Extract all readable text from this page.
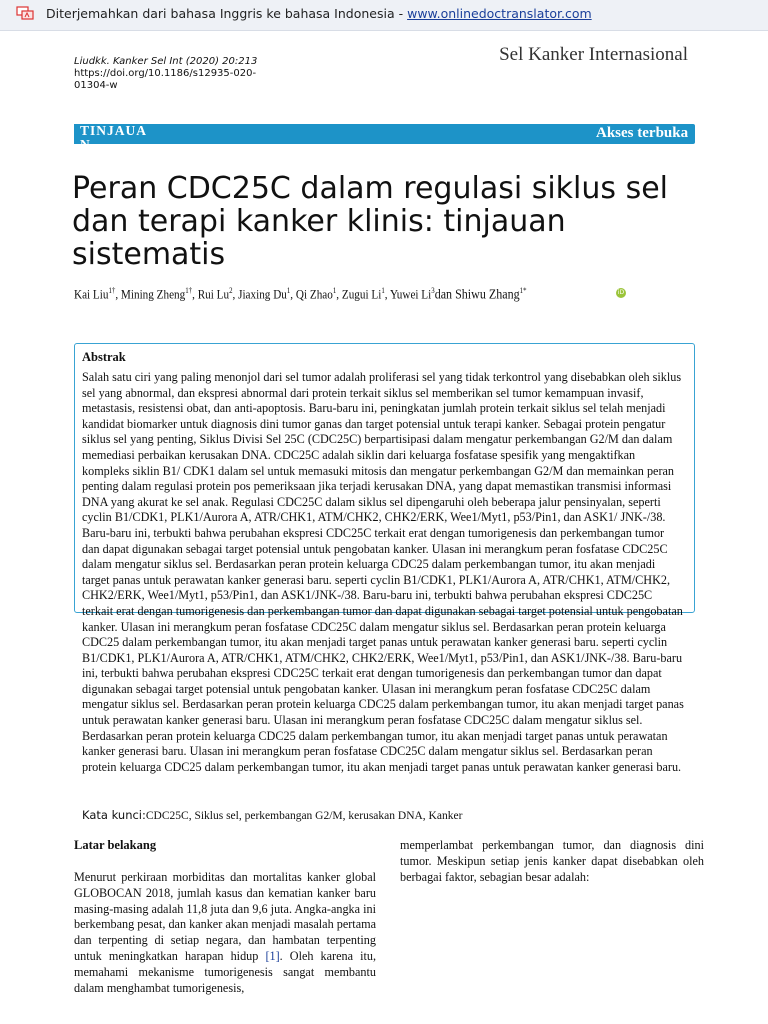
Diterjemahkan dari bahasa Inggris ke bahasa Indonesia - www.onlinedoctranslator.com
Liudkk. Kanker Sel Int (2020) 20:213
https://doi.org/10.1186/s12935-020-01304-w
Sel Kanker Internasional
TINJAUA N
Akses terbuka
Peran CDC25C dalam regulasi siklus sel dan terapi kanker klinis: tinjauan sistematis
Kai Liu$^{1\dagger}$, Mining Zheng$^{1\dagger}$, Rui Lu$^2$, Jiaxing Du$^1$, Qi Zhao$^1$, Zugui Li$^1$, Yuwei Li$^3$dan Shiwu Zhang$^{1*}$	iD
Abstrak

Salah satu ciri yang paling menonjol dari sel tumor adalah proliferasi sel yang tidak terkontrol yang disebabkan oleh siklus sel yang abnormal, dan ekspresi abnormal dari protein terkait siklus sel memberikan sel tumor kemampuan invasif, metastasis, resistensi obat, dan anti-apoptosis. Baru-baru ini, peningkatan jumlah protein terkait siklus sel telah menjadi kandidat biomarker untuk diagnosis dini tumor ganas dan target potensial untuk terapi kanker. Sebagai protein pengatur siklus sel yang penting, Siklus Divisi Sel 25C (CDC25C) berpartisipasi dalam mengatur perkembangan G2/M dan dalam memediasi perbaikan kerusakan DNA. CDC25C adalah siklin dari keluarga fosfatase spesifik yang mengaktifkan kompleks siklin B1/ CDK1 dalam sel untuk memasuki mitosis dan mengatur perkembangan G2/M dan memainkan peran penting dalam regulasi protein pos pemeriksaan jika terjadi kerusakan DNA, yang dapat memastikan transmisi informasi DNA yang akurat ke sel anak. Regulasi CDC25C dalam siklus sel dipengaruhi oleh beberapa jalur pensinyalan, seperti cyclin B1/CDK1, PLK1/Aurora A, ATR/CHK1, ATM/CHK2, CHK2/ERK, Wee1/Myt1, p53/Pin1, dan ASK1/ JNK-/38. Baru-baru ini, terbukti bahwa perubahan ekspresi CDC25C terkait erat dengan tumorigenesis dan perkembangan tumor dan dapat digunakan sebagai target potensial untuk pengobatan kanker. Ulasan ini merangkum peran fosfatase CDC25C dalam mengatur siklus sel. Berdasarkan peran protein keluarga CDC25 dalam perkembangan tumor, itu akan menjadi target panas untuk perawatan kanker generasi baru. seperti cyclin B1/CDK1, PLK1/Aurora A, ATR/CHK1, ATM/CHK2, CHK2/ERK, Wee1/Myt1, p53/Pin1, dan ASK1/JNK-/38. Baru-baru ini, terbukti bahwa perubahan ekspresi CDC25C terkait erat dengan tumorigenesis dan perkembangan tumor dan dapat digunakan sebagai target potensial untuk pengobatan kanker. Ulasan ini merangkum peran fosfatase CDC25C dalam mengatur siklus sel. Berdasarkan peran protein keluarga CDC25 dalam perkembangan tumor, itu akan menjadi target panas untuk perawatan kanker generasi baru. seperti cyclin B1/CDK1, PLK1/Aurora A, ATR/CHK1, ATM/CHK2, CHK2/ERK, Wee1/Myt1, p53/Pin1, dan ASK1/JNK-/38. Baru-baru ini, terbukti bahwa perubahan ekspresi CDC25C terkait erat dengan tumorigenesis dan perkembangan tumor dan dapat digunakan sebagai target potensial untuk pengobatan kanker. Ulasan ini merangkum peran fosfatase CDC25C dalam mengatur siklus sel. Berdasarkan peran protein keluarga CDC25 dalam perkembangan tumor, itu akan menjadi target panas untuk perawatan kanker generasi baru. Ulasan ini merangkum peran fosfatase CDC25C dalam mengatur siklus sel. Berdasarkan peran protein keluarga CDC25 dalam perkembangan tumor, itu akan menjadi target panas untuk perawatan kanker generasi baru. Ulasan ini merangkum peran fosfatase CDC25C dalam mengatur siklus sel. Berdasarkan peran protein keluarga CDC25 dalam perkembangan tumor, itu akan menjadi target panas untuk perawatan kanker generasi baru.

Kata kunci:CDC25C, Siklus sel, perkembangan G2/M, kerusakan DNA, Kanker
Latar belakang

Menurut perkiraan morbiditas dan mortalitas kanker global GLOBOCAN 2018, jumlah kasus dan kematian kanker baru masing-masing adalah 11,8 juta dan 9,6 juta. Angka-angka ini berkembang pesat, dan kanker akan menjadi masalah pertama dan terpenting di setiap negara, dan hambatan terpenting untuk meningkatkan harapan hidup [1]. Oleh karena itu, memahami mekanisme tumorigenesis sangat membantu dalam menghambat tumorigenesis,

memperlambat perkembangan tumor, dan diagnosis dini tumor. Meskipun setiap jenis kanker dapat disebabkan oleh berbagai faktor, sebagian besar adalah:
